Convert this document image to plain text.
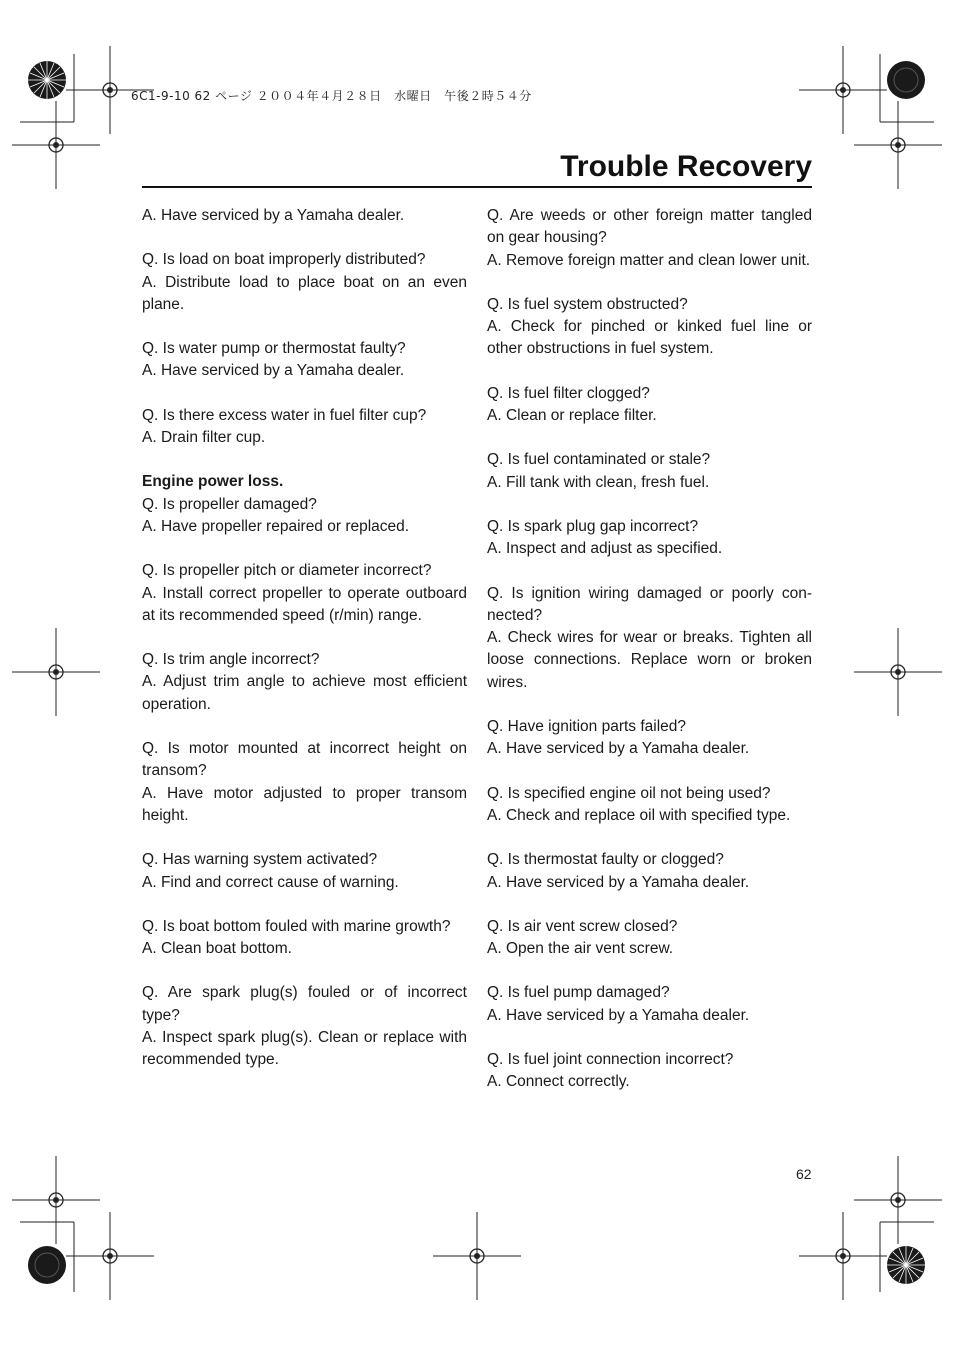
6C1-9-10 62 ページ ２００４年４月２８日　水曜日　午後２時５４分
Trouble Recovery

A. Have serviced by a Yamaha dealer.

Q. Is load on boat improperly distributed?

A. Distribute load to place boat on an even plane.

Q. Is water pump or thermostat faulty?

A. Have serviced by a Yamaha dealer.

Q. Is there excess water in fuel filter cup?

A. Drain filter cup.

Engine power loss.

Q. Is propeller damaged?

A. Have propeller repaired or replaced.

Q. Is propeller pitch or diameter incorrect?

A. Install correct propeller to operate outboard at its recommended speed (r/min) range.

Q. Is trim angle incorrect?

A. Adjust trim angle to achieve most efficient operation.

Q. Is motor mounted at incorrect height on transom?

A. Have motor adjusted to proper transom height.

Q. Has warning system activated?

A. Find and correct cause of warning.

Q. Is boat bottom fouled with marine growth?

A. Clean boat bottom.

Q. Are spark plug(s) fouled or of incorrect type?

A. Inspect spark plug(s). Clean or replace with recommended type.

Q. Are weeds or other foreign matter tangled on gear housing?

A. Remove foreign matter and clean lower unit.

Q. Is fuel system obstructed?

A. Check for pinched or kinked fuel line or other obstructions in fuel system.

Q. Is fuel filter clogged?

A. Clean or replace filter.

Q. Is fuel contaminated or stale?

A. Fill tank with clean, fresh fuel.

Q. Is spark plug gap incorrect?

A. Inspect and adjust as specified.

Q. Is ignition wiring damaged or poorly connected?

A. Check wires for wear or breaks. Tighten all loose connections. Replace worn or broken wires.

Q. Have ignition parts failed?

A. Have serviced by a Yamaha dealer.

Q. Is specified engine oil not being used?

A. Check and replace oil with specified type.

Q. Is thermostat faulty or clogged?

A. Have serviced by a Yamaha dealer.

Q. Is air vent screw closed?

A. Open the air vent screw.

Q. Is fuel pump damaged?

A. Have serviced by a Yamaha dealer.

Q. Is fuel joint connection incorrect?

A. Connect correctly.

62
